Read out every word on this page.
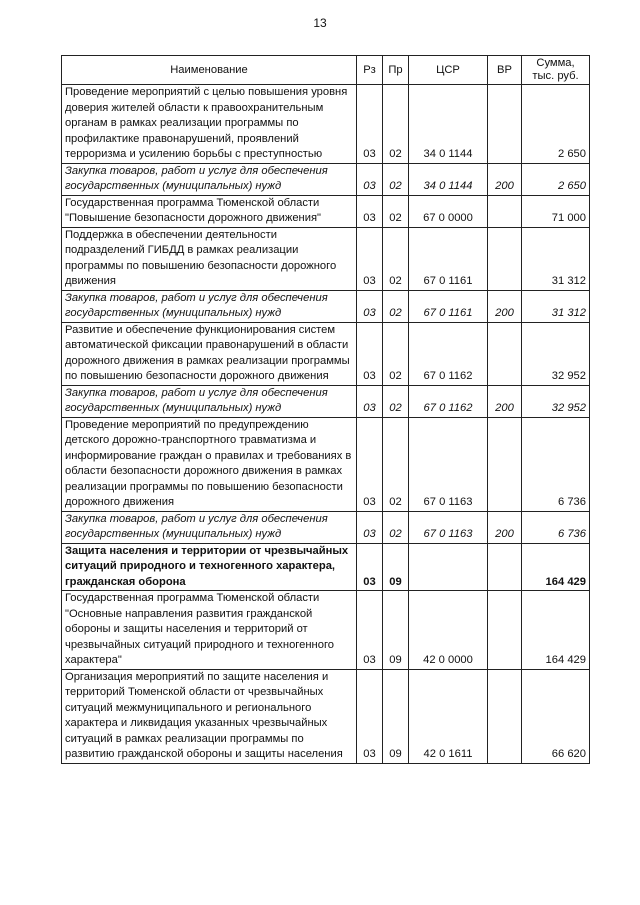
13
Наименование	Рз	Пр	ЦСР	ВР	Сумма, тыс. руб.
Проведение мероприятий с целью повышения уровня доверия жителей области к правоохранительным органам в рамках реализации программы по профилактике правонарушений, проявлений терроризма и усилению борьбы с преступностью	03	02	34 0 1144		2 650
Закупка товаров, работ и услуг для обеспечения государственных (муниципальных) нужд	03	02	34 0 1144	200	2 650
Государственная программа Тюменской области "Повышение безопасности дорожного движения"	03	02	67 0 0000		71 000
Поддержка в обеспечении деятельности подразделений ГИБДД в рамках реализации программы по повышению безопасности дорожного движения	03	02	67 0 1161		31 312
Закупка товаров, работ и услуг для обеспечения государственных (муниципальных) нужд	03	02	67 0 1161	200	31 312
Развитие и обеспечение функционирования систем автоматической фиксации правонарушений в области дорожного движения в рамках реализации программы по повышению безопасности дорожного движения	03	02	67 0 1162		32 952
Закупка товаров, работ и услуг для обеспечения государственных (муниципальных) нужд	03	02	67 0 1162	200	32 952
Проведение мероприятий по предупреждению детского дорожно-транспортного травматизма и информирование граждан о правилах и требованиях в области безопасности дорожного движения в рамках реализации программы по повышению безопасности дорожного движения	03	02	67 0 1163		6 736
Закупка товаров, работ и услуг для обеспечения государственных (муниципальных) нужд	03	02	67 0 1163	200	6 736
Защита населения и территории от чрезвычайных ситуаций природного и техногенного характера, гражданская оборона	03	09			164 429
Государственная программа Тюменской области "Основные направления развития гражданской обороны и защиты населения и территорий от чрезвычайных ситуаций природного и техногенного характера"	03	09	42 0 0000		164 429
Организация мероприятий по защите населения и территорий Тюменской области от чрезвычайных ситуаций межмуниципального и регионального характера и ликвидация указанных чрезвычайных ситуаций в рамках реализации программы по развитию гражданской обороны и защиты населения	03	09	42 0 1611		66 620
